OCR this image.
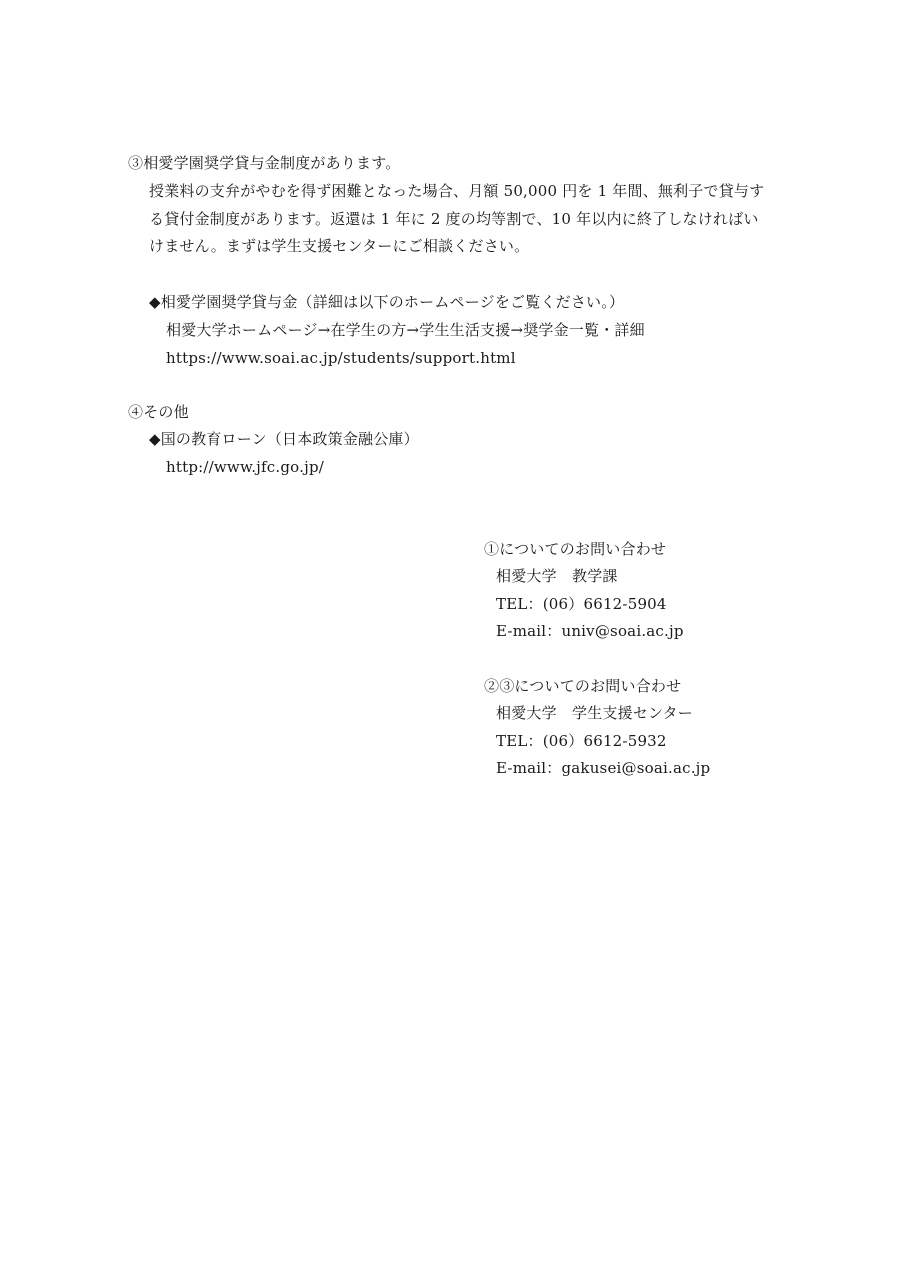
③相愛学園奨学貸与金制度があります。
授業料の支弁がやむを得ず困難となった場合、月額 50,000 円を 1 年間、無利子で貸与す
る貸付金制度があります。返還は 1 年に 2 度の均等割で、10 年以内に終了しなければい
けません。まずは学生支援センターにご相談ください。
◆相愛学園奨学貸与金（詳細は以下のホームページをご覧ください。）
相愛大学ホームページ→在学生の方→学生生活支援→奨学金一覧・詳細
https://www.soai.ac.jp/students/support.html
④その他
◆国の教育ローン（日本政策金融公庫）
http://www.jfc.go.jp/
①についてのお問い合わせ
相愛大学　教学課
TEL：(06）6612-5904
E-mail：univ@soai.ac.jp
②③についてのお問い合わせ
相愛大学　学生支援センター
TEL：(06）6612-5932
E-mail：gakusei@soai.ac.jp
